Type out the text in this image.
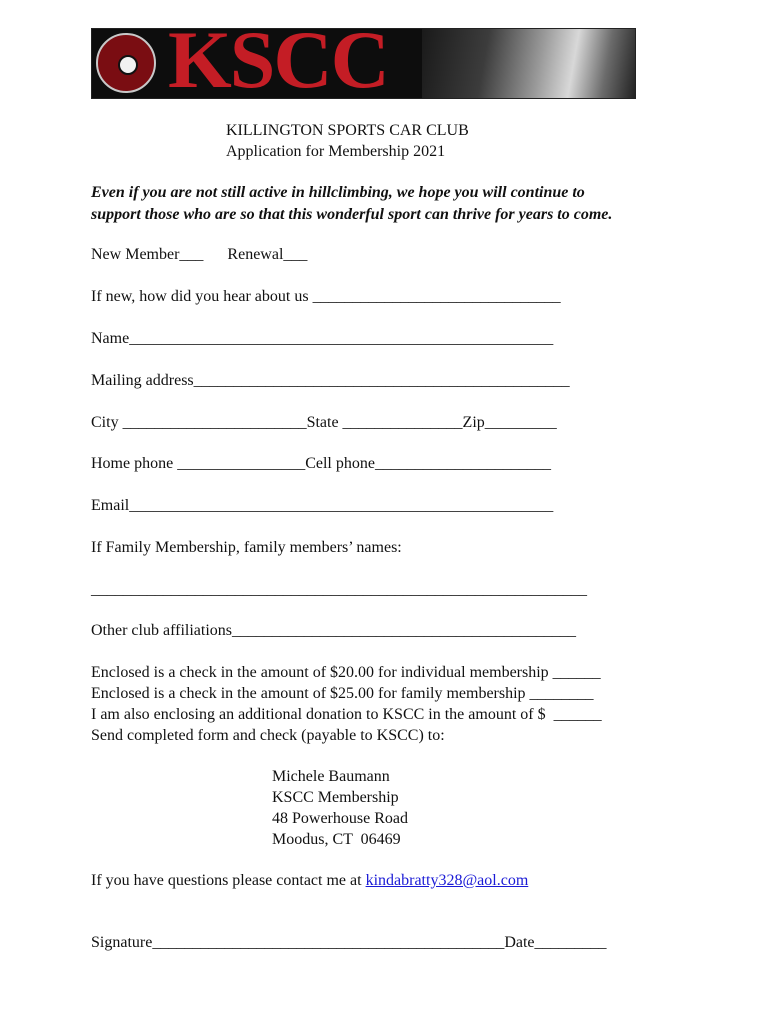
KSCC
KILLINGTON SPORTS CAR CLUB
Application for Membership 2021
Even if you are not still active in hillclimbing, we hope you will continue to
support those who are so that this wonderful sport can thrive for years to come.
New Member___      Renewal___
If new, how did you hear about us _______________________________
Name_____________________________________________________
Mailing address_______________________________________________
City _______________________State _______________Zip_________
Home phone ________________Cell phone______________________
Email_____________________________________________________
If Family Membership, family members’ names:
______________________________________________________________
Other club affiliations___________________________________________
Enclosed is a check in the amount of $20.00 for individual membership ______
Enclosed is a check in the amount of $25.00 for family membership ________
I am also enclosing an additional donation to KSCC in the amount of $  ______
Send completed form and check (payable to KSCC) to:
Michele Baumann
KSCC Membership
48 Powerhouse Road
Moodus, CT  06469
If you have questions please contact me at kindabratty328@aol.com
Signature____________________________________________Date_________
